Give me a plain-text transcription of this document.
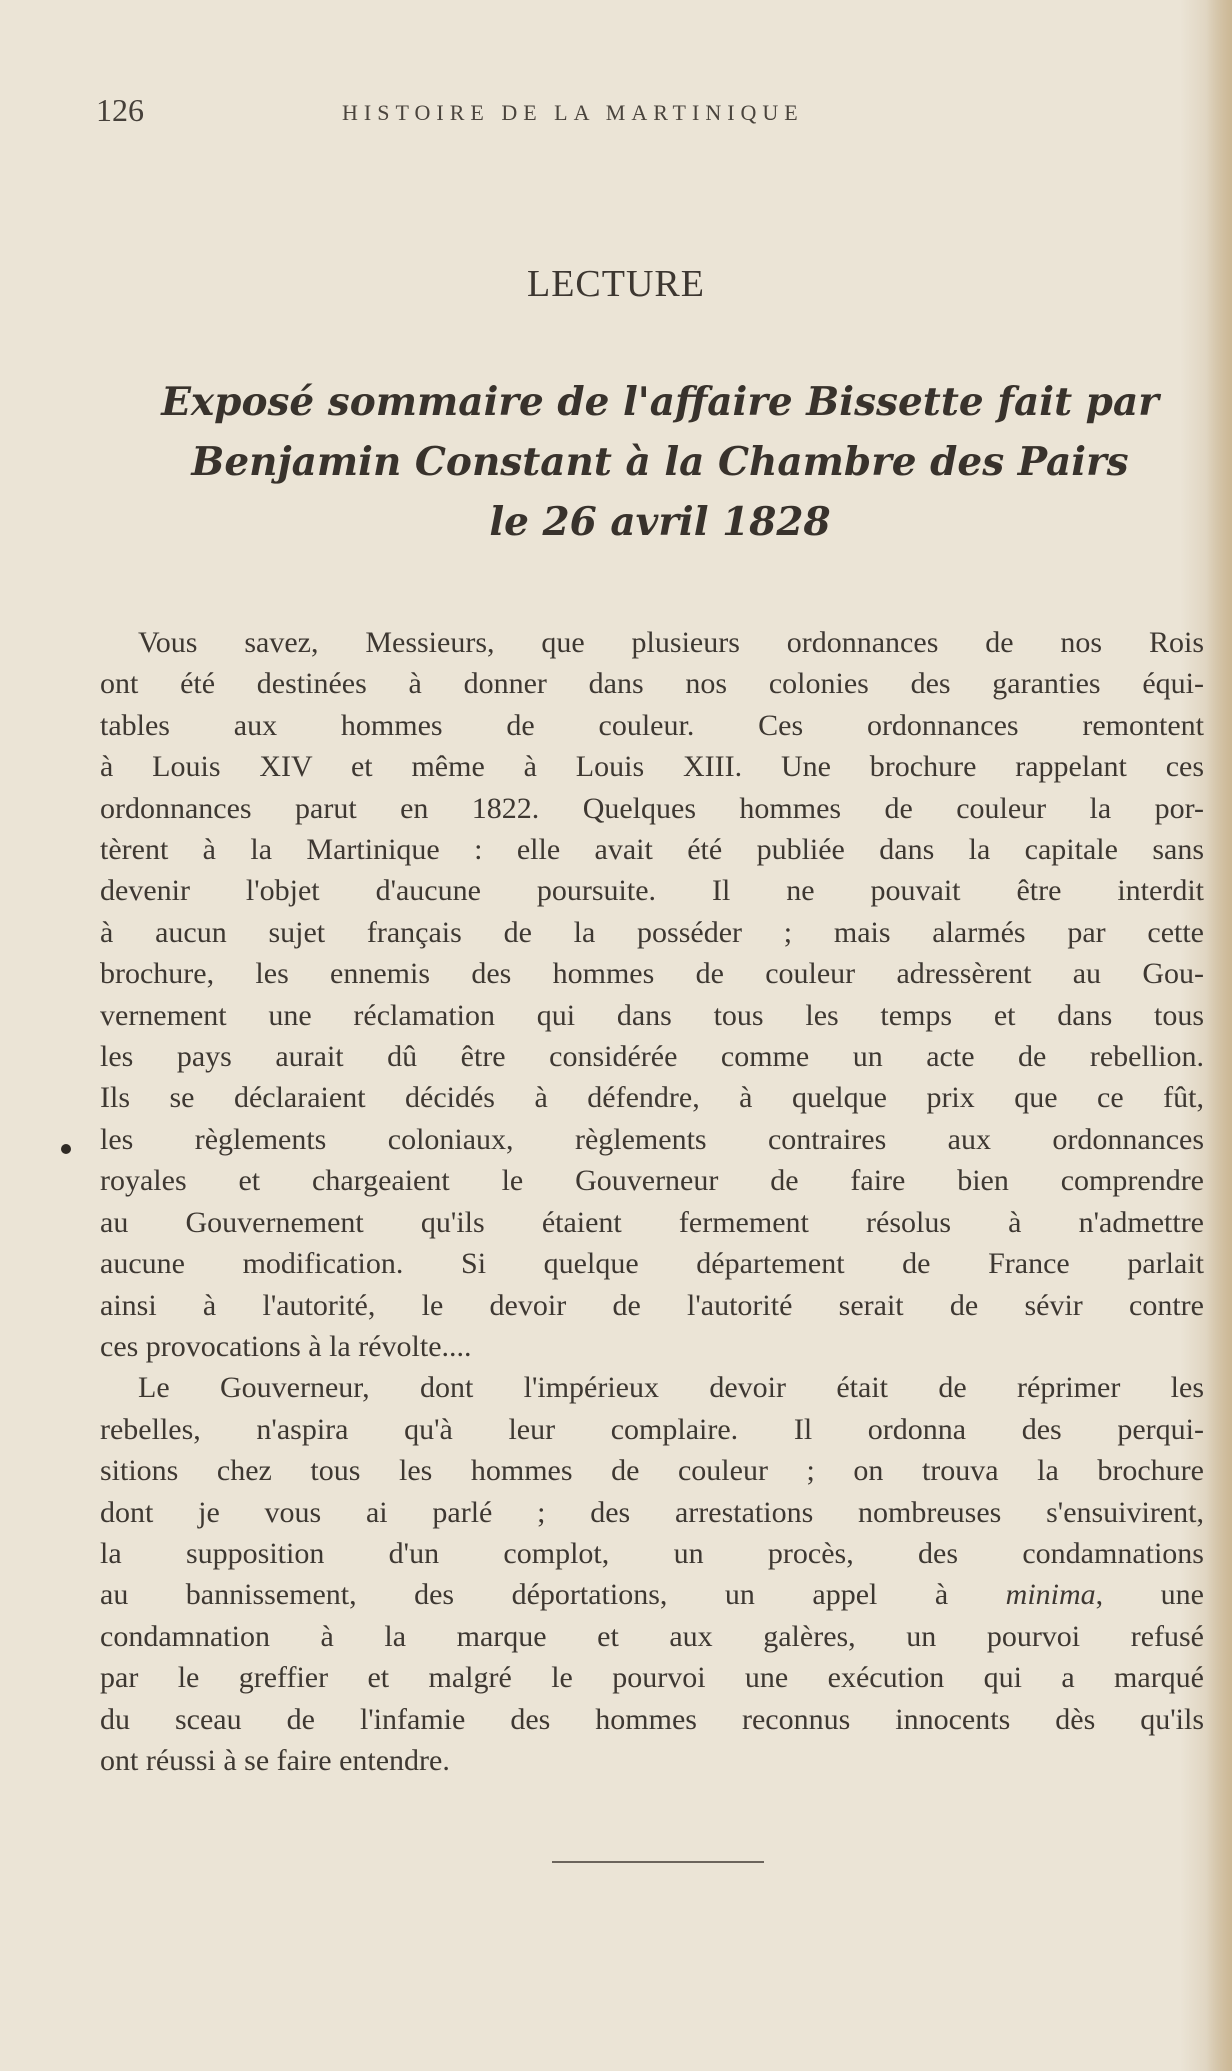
126	HISTOIRE DE LA MARTINIQUE
LECTURE
Exposé sommaire de l'affaire Bissette fait par
Benjamin Constant à la Chambre des Pairs
le 26 avril 1828
Vous savez, Messieurs, que plusieurs ordonnances de nos Rois
ont été destinées à donner dans nos colonies des garanties équi-
tables aux hommes de couleur. Ces ordonnances remontent
à Louis XIV et même à Louis XIII. Une brochure rappelant ces
ordonnances parut en 1822. Quelques hommes de couleur la por-
tèrent à la Martinique : elle avait été publiée dans la capitale sans
devenir l'objet d'aucune poursuite. Il ne pouvait être interdit
à aucun sujet français de la posséder ; mais alarmés par cette
brochure, les ennemis des hommes de couleur adressèrent au Gou-
vernement une réclamation qui dans tous les temps et dans tous
les pays aurait dû être considérée comme un acte de rebellion.
Ils se déclaraient décidés à défendre, à quelque prix que ce fût,
les règlements coloniaux, règlements contraires aux ordonnances
royales et chargeaient le Gouverneur de faire bien comprendre
au Gouvernement qu'ils étaient fermement résolus à n'admettre
aucune modification. Si quelque département de France parlait
ainsi à l'autorité, le devoir de l'autorité serait de sévir contre
ces provocations à la révolte....
Le Gouverneur, dont l'impérieux devoir était de réprimer les
rebelles, n'aspira qu'à leur complaire. Il ordonna des perqui-
sitions chez tous les hommes de couleur ; on trouva la brochure
dont je vous ai parlé ; des arrestations nombreuses s'ensuivirent,
la supposition d'un complot, un procès, des condamnations
au bannissement, des déportations, un appel à minima, une
condamnation à la marque et aux galères, un pourvoi refusé
par le greffier et malgré le pourvoi une exécution qui a marqué
du sceau de l'infamie des hommes reconnus innocents dès qu'ils
ont réussi à se faire entendre.
